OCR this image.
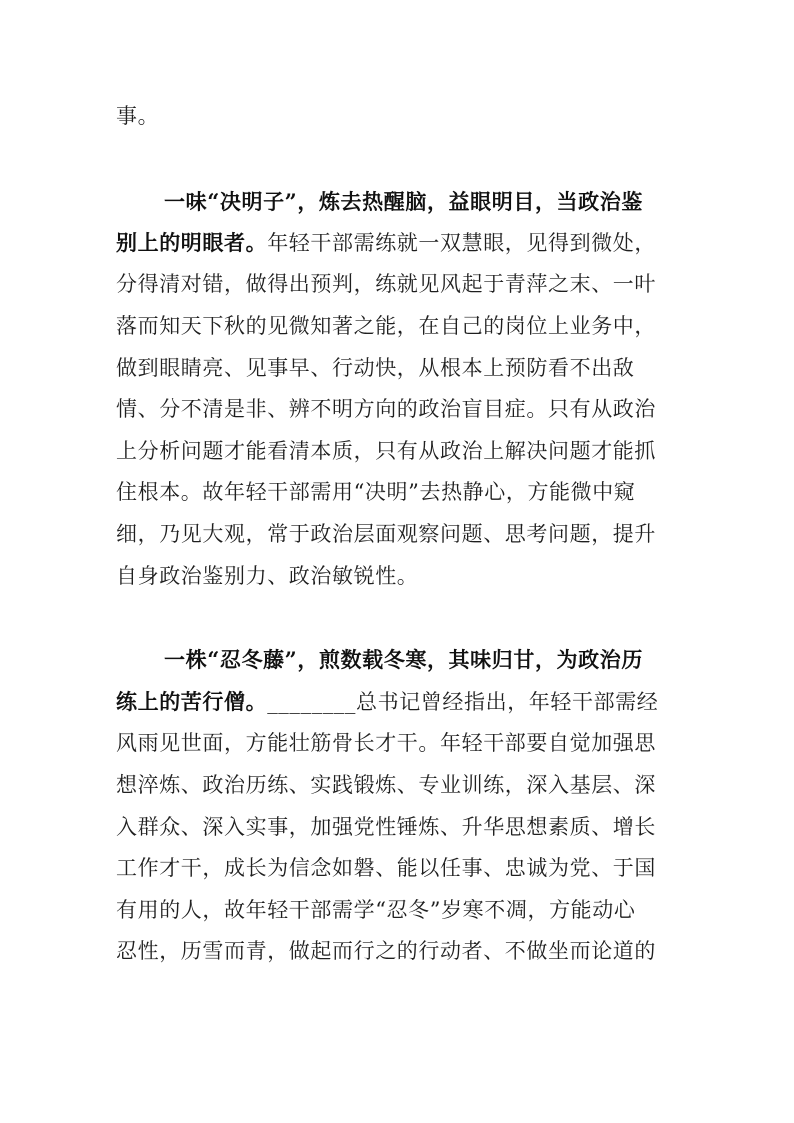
事。
一味“决明子”，炼去热醒脑，益眼明目，当政治鉴
别上的明眼者。年轻干部需练就一双慧眼，见得到微处，
分得清对错，做得出预判，练就见风起于青萍之末、一叶
落而知天下秋的见微知著之能，在自己的岗位上业务中，
做到眼睛亮、见事早、行动快，从根本上预防看不出敌
情、分不清是非、辨不明方向的政治盲目症。只有从政治
上分析问题才能看清本质，只有从政治上解决问题才能抓
住根本。故年轻干部需用“决明”去热静心，方能微中窥
细，乃见大观，常于政治层面观察问题、思考问题，提升
自身政治鉴别力、政治敏锐性。
一株“忍冬藤”，煎数载冬寒，其味归甘，为政治历
练上的苦行僧。________总书记曾经指出，年轻干部需经
风雨见世面，方能壮筋骨长才干。年轻干部要自觉加强思
想淬炼、政治历练、实践锻炼、专业训练，深入基层、深
入群众、深入实事，加强党性锤炼、升华思想素质、增长
工作才干，成长为信念如磐、能以任事、忠诚为党、于国
有用的人，故年轻干部需学“忍冬”岁寒不凋，方能动心
忍性，历雪而青，做起而行之的行动者、不做坐而论道的
